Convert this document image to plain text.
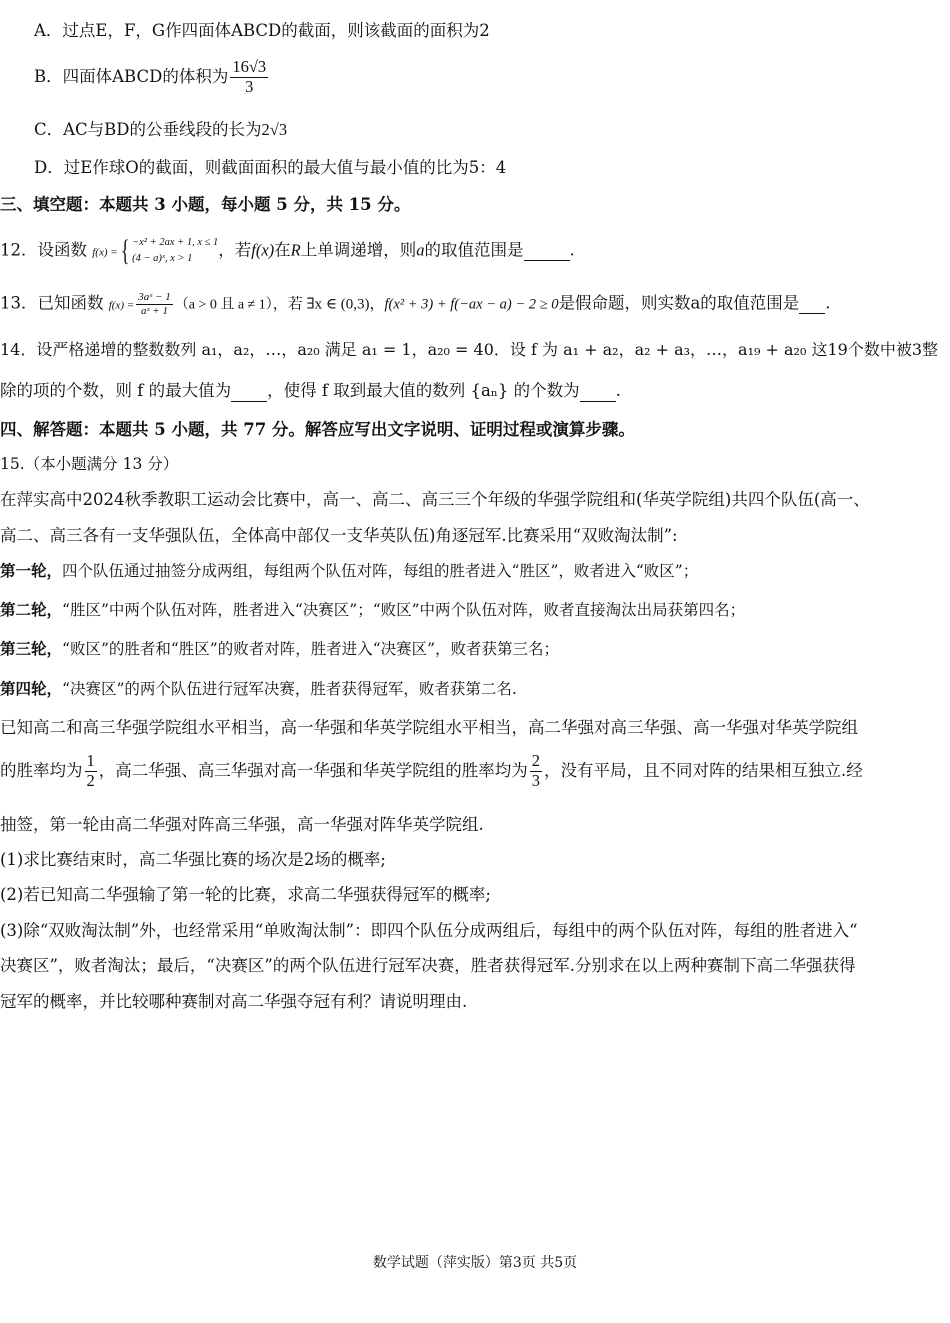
A．过点E，F，G作四面体ABCD的截面，则该截面的面积为2
B．四面体ABCD的体积为 $\frac{16√3}{3}$
C．AC与BD的公垂线段的长为2√3
D．过E作球O的截面，则截面面积的最大值与最小值的比为5：4
三、填空题：本题共 3 小题，每小题 5 分，共 15 分。
12．设函数 f(x) ={ −x² + 2ax + 1, x ≤ 1
(4 − a)ˣ, x > 1	，若f(x)在R上单调递增，则a的取值范围是	.
13．已知函数 $f(x) = \frac{\text{3aˣ − 1}}{\text{aˣ + 1}} (a > 0$ 且 a ≠ 1），若 ∃x ∈ (0,3)，f(x² + 3) + f(−ax − a) − 2 ≥ 0是假命题，则实数a的取值范围是 .
14．设严格递增的整数数列 a₁，a₂，…，a₂₀ 满足 a₁ = 1，a₂₀ = 40．设 f 为 a₁ + a₂，a₂ + a₃，…，a₁₉ + a₂₀ 这19个数中被3整
除的项的个数，则 f 的最大值为 ，使得 f 取到最大值的数列 {aₙ} 的个数为 .
四、解答题：本题共 5 小题，共 77 分。解答应写出文字说明、证明过程或演算步骤。
15.（本小题满分 13 分）
在萍实高中2024秋季教职工运动会比赛中，高一、高二、高三三个年级的华强学院组和(华英学院组)共四个队伍(高一、
高二、高三各有一支华强队伍，全体高中部仅一支华英队伍)角逐冠军.比赛采用“双败淘汰制”:
第一轮，四个队伍通过抽签分成两组，每组两个队伍对阵，每组的胜者进入“胜区”，败者进入“败区”；
第二轮，“胜区”中两个队伍对阵，胜者进入“决赛区”；“败区”中两个队伍对阵，败者直接淘汰出局获第四名；
第三轮，“败区”的胜者和“胜区”的败者对阵，胜者进入“决赛区”，败者获第三名；
第四轮，“决赛区”的两个队伍进行冠军决赛，胜者获得冠军，败者获第二名.
已知高二和高三华强学院组水平相当，高一华强和华英学院组水平相当，高二华强对高三华强、高一华强对华英学院组
的胜率均为 $\frac{1}{2}$ ，高二华强、高三华强对高一华强和华英学院组的胜率均为 $\frac{2}{3}$ ，没有平局，且不同对阵的结果相互独立.经
抽签，第一轮由高二华强对阵高三华强，高一华强对阵华英学院组.
(1)求比赛结束时，高二华强比赛的场次是2场的概率;
(2)若已知高二华强输了第一轮的比赛，求高二华强获得冠军的概率;
(3)除“双败淘汰制”外，也经常采用“单败淘汰制”：即四个队伍分成两组后，每组中的两个队伍对阵，每组的胜者进入“
决赛区”，败者淘汰；最后，“决赛区”的两个队伍进行冠军决赛，胜者获得冠军.分别求在以上两种赛制下高二华强获得
冠军的概率，并比较哪种赛制对高二华强夺冠有利？请说明理由.
数学试题（萍实版）第3页 共5页
